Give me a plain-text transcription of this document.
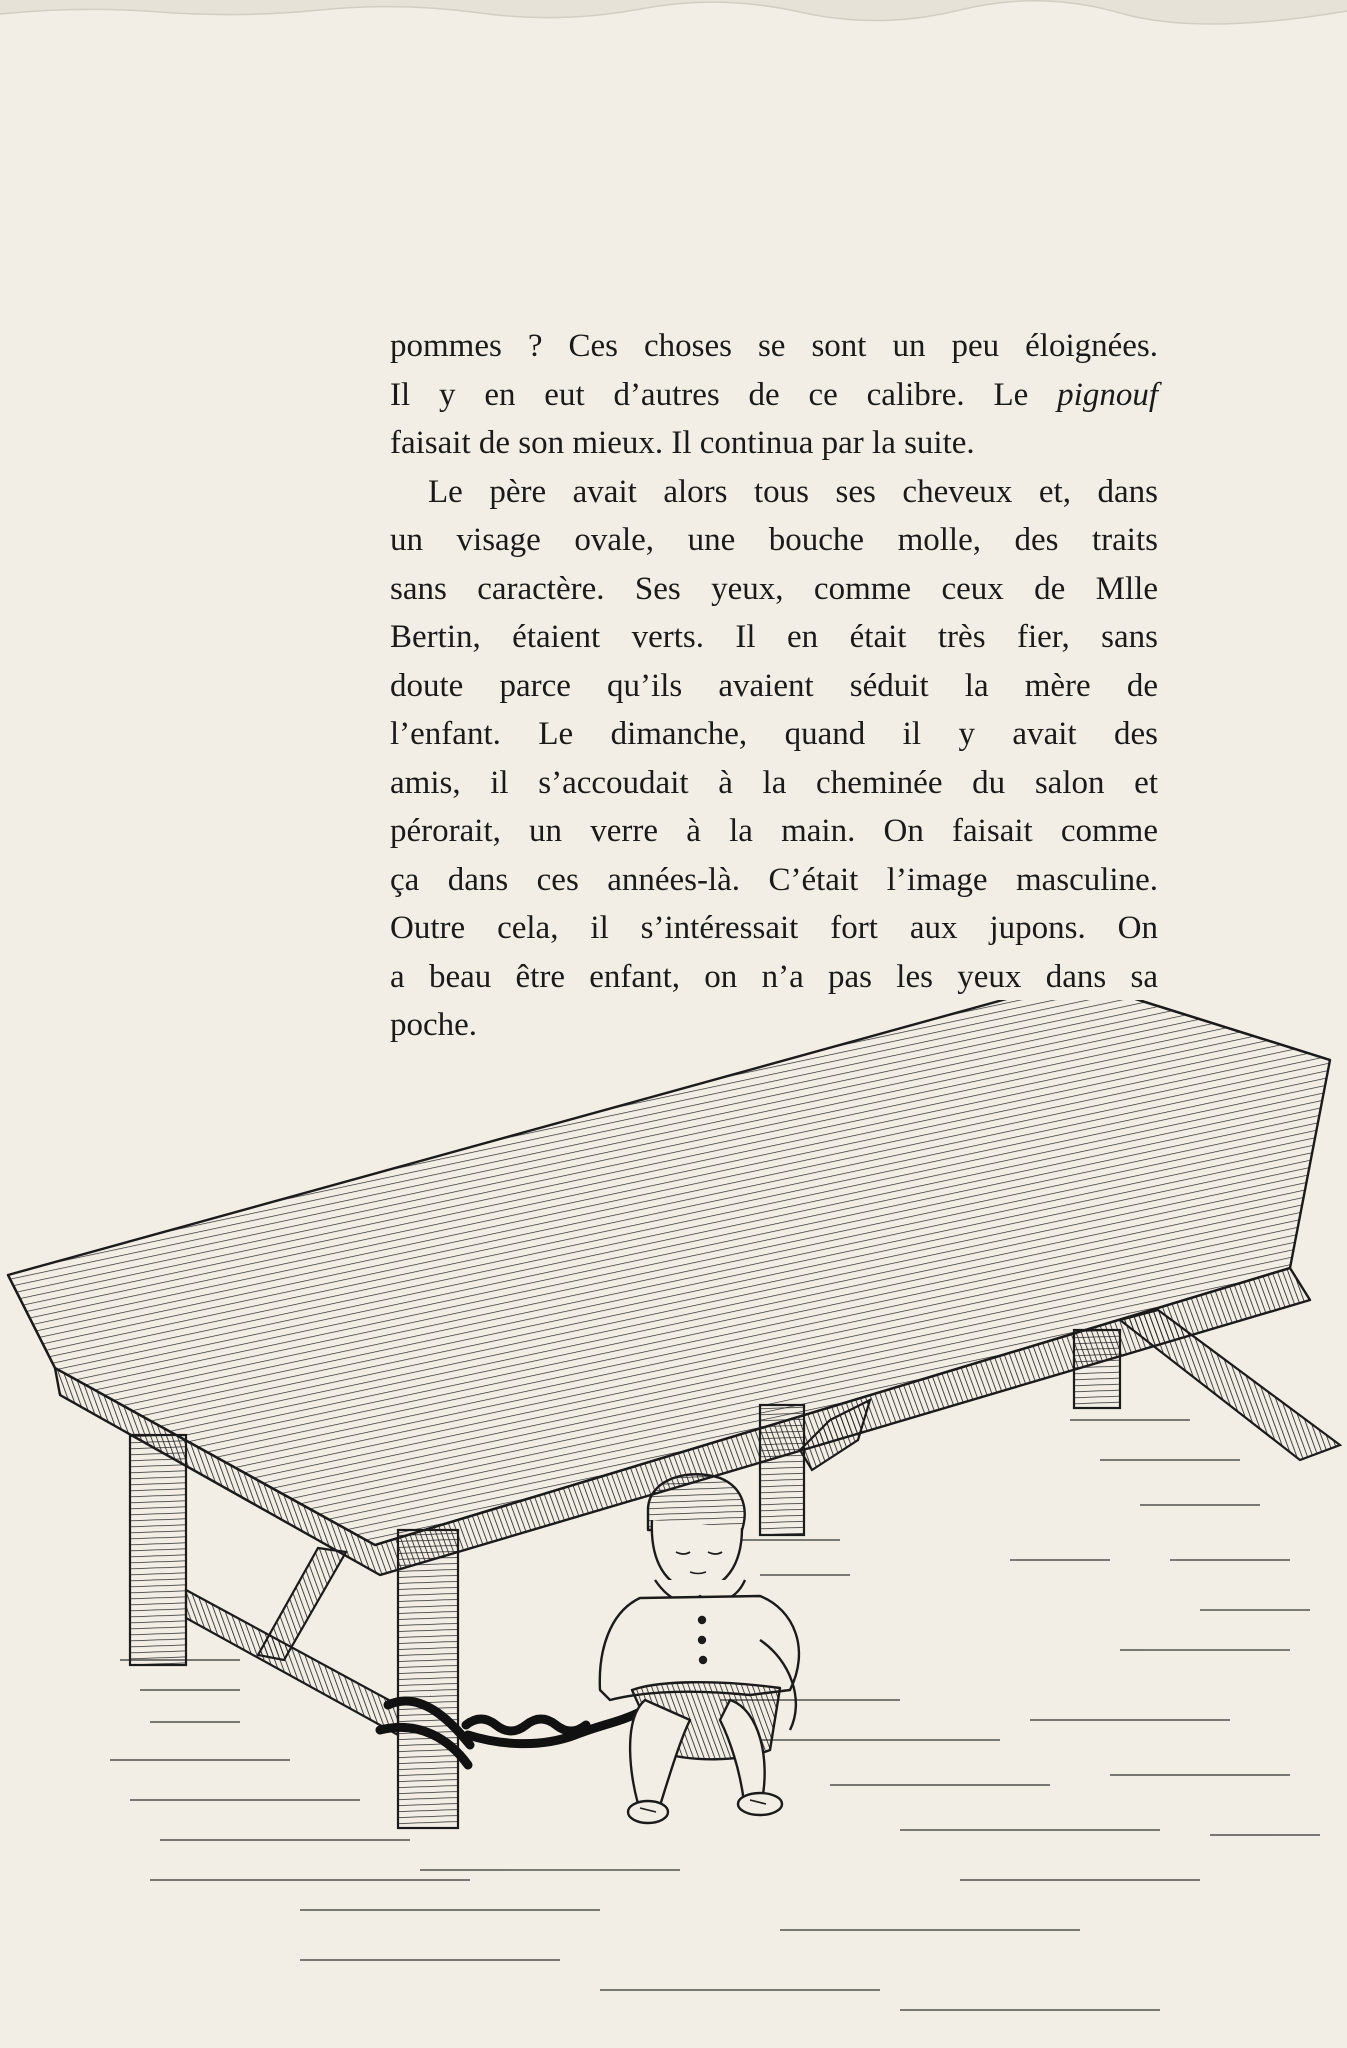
pommes ? Ces choses se sont un peu éloignées.
Il y en eut d’autres de ce calibre. Le pignouf
faisait de son mieux. Il continua par la suite.

Le père avait alors tous ses cheveux et, dans
un visage ovale, une bouche molle, des traits
sans caractère. Ses yeux, comme ceux de Mlle
Bertin, étaient verts. Il en était très fier, sans
doute parce qu’ils avaient séduit la mère de
l’enfant. Le dimanche, quand il y avait des
amis, il s’accoudait à la cheminée du salon et
pérorait, un verre à la main. On faisait comme
ça dans ces années-là. C’était l’image masculine.
Outre cela, il s’intéressait fort aux jupons. On
a beau être enfant, on n’a pas les yeux dans sa
poche.
